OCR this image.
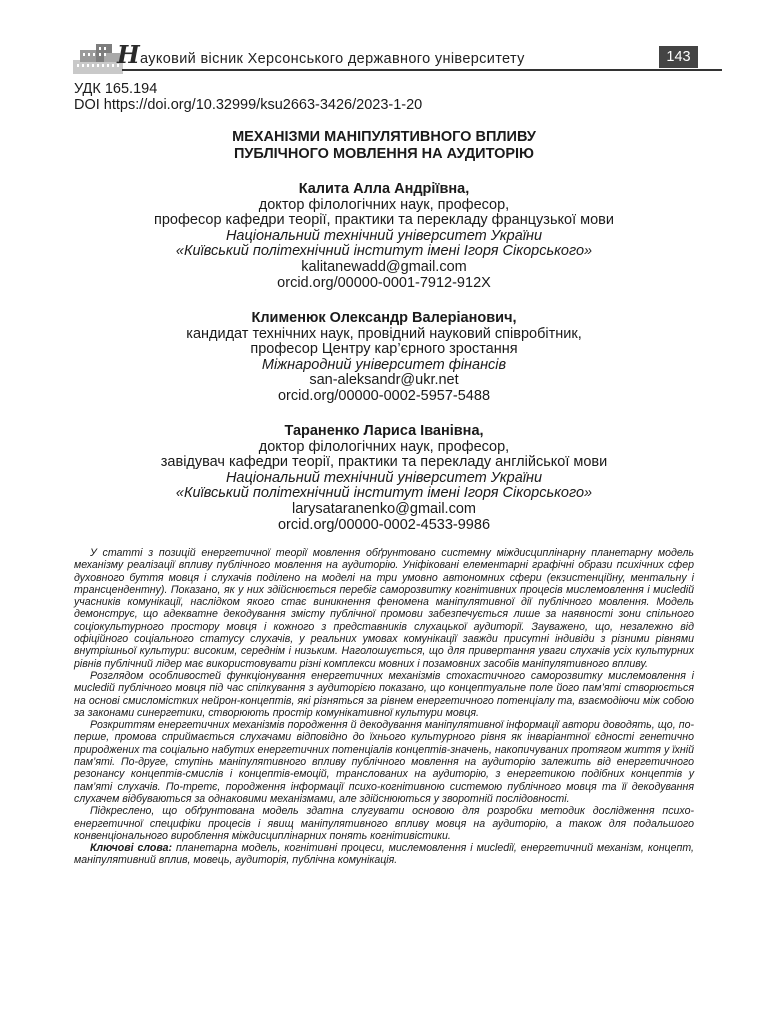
Науковий вісник Херсонського державного університету	143
УДК 165.194
DOI https://doi.org/10.32999/ksu2663-3426/2023-1-20
МЕХАНІЗМИ МАНІПУЛЯТИВНОГО ВПЛИВУ
ПУБЛІЧНОГО МОВЛЕННЯ НА АУДИТОРІЮ
Калита Алла Андріївна,
доктор філологічних наук, професор,
професор кафедри теорії, практики та перекладу французької мови
Національний технічний університет України
«Київський політехнічний інститут імені Ігоря Сікорського»
kalitanewadd@gmail.com
orcid.org/00000-0001-7912-912X
Клименюк Олександр Валеріанович,
кандидат технічних наук, провідний науковий співробітник,
професор Центру кар’єрного зростання
Міжнародний університет фінансів
san-aleksandr@ukr.net
orcid.org/00000-0002-5957-5488
Тараненко Лариса Іванівна,
доктор філологічних наук, професор,
завідувач кафедри теорії, практики та перекладу англійської мови
Національний технічний університет України
«Київський політехнічний інститут імені Ігоря Сікорського»
larysataranenko@gmail.com
orcid.org/00000-0002-4533-9986

У статті з позицій енергетичної теорії мовлення обґрунтовано системну міждисциплінарну планетарну модель механізму реалізації впливу публічного мовлення на аудиторію. Уніфіковані елементарні графічні образи психічних сфер духовного буття мовця і слухачів поділено на моделі на три умовно автономних сфери (екзистенційну, ментальну і трансцендентну). Показано, як у них здійснюється перебіг саморозвитку когнітивних процесів мислемовлення і мисledій учасників комунікації, наслідком якого стає виникнення феномена маніпулятивної дії публічного мовлення. Модель демонструє, що адекватне декодування змісту публічної промови забезпечується лише за наявності зони спільного соціокультурного простору мовця і кожного з представників слухацької аудиторії. Зауважено, що, незалежно від офіційного соціального статусу слухачів, у реальних умовах комунікації завжди присутні індивіди з різними рівнями внутрішньої культури: високим, середнім і низьким. Наголошується, що для привертання уваги слухачів усіх культурних рівнів публічний лідер має використовувати різні комплекси мовних і позамовних засобів маніпулятивного впливу.

Розглядом особливостей функціонування енергетичних механізмів стохастичного саморозвитку мислемовлення і мисledій публічного мовця під час спілкування з аудиторією показано, що концептуальне поле його пам’яті створюється на основі смисломістких нейрон-концептів, які різняться за рівнем енергетичного потенціалу та, взаємодіючи між собою за законами синергетики, створюють простір комунікативної культури мовця.

Розкриттям енергетичних механізмів породження й декодування маніпулятивної інформації автори доводять, що, по-перше, промова сприймається слухачами відповідно до їхнього культурного рівня як інваріантної єдності генетично природжених та соціально набутих енергетичних потенціалів концептів-значень, накопичуваних протягом життя у їхній пам’яті. По-друге, ступінь маніпулятивного впливу публічного мовлення на аудиторію залежить від енергетичного резонансу концептів-смислів і концептів-емоцій, транслованих на аудиторію, з енергетикою подібних концептів у пам’яті слухачів. По-третє, породження інформації психо-когнітивною системою публічного мовця та її декодування слухачем відбуваються за однаковими механізмами, але здійснюються у зворотній послідовності.

Підкреслено, що обґрунтована модель здатна слугувати основою для розробки методик дослідження психо-енергетичної специфіки процесів і явищ маніпулятивного впливу мовця на аудиторію, а також для подальшого конвенціонального вироблення міждисциплінарних понять когнітивістики.

Ключові слова: планетарна модель, когнітивні процеси, мислемовлення і мисledії, енергетичний механізм, концепт, маніпулятивний вплив, мовець, аудиторія, публічна комунікація.
